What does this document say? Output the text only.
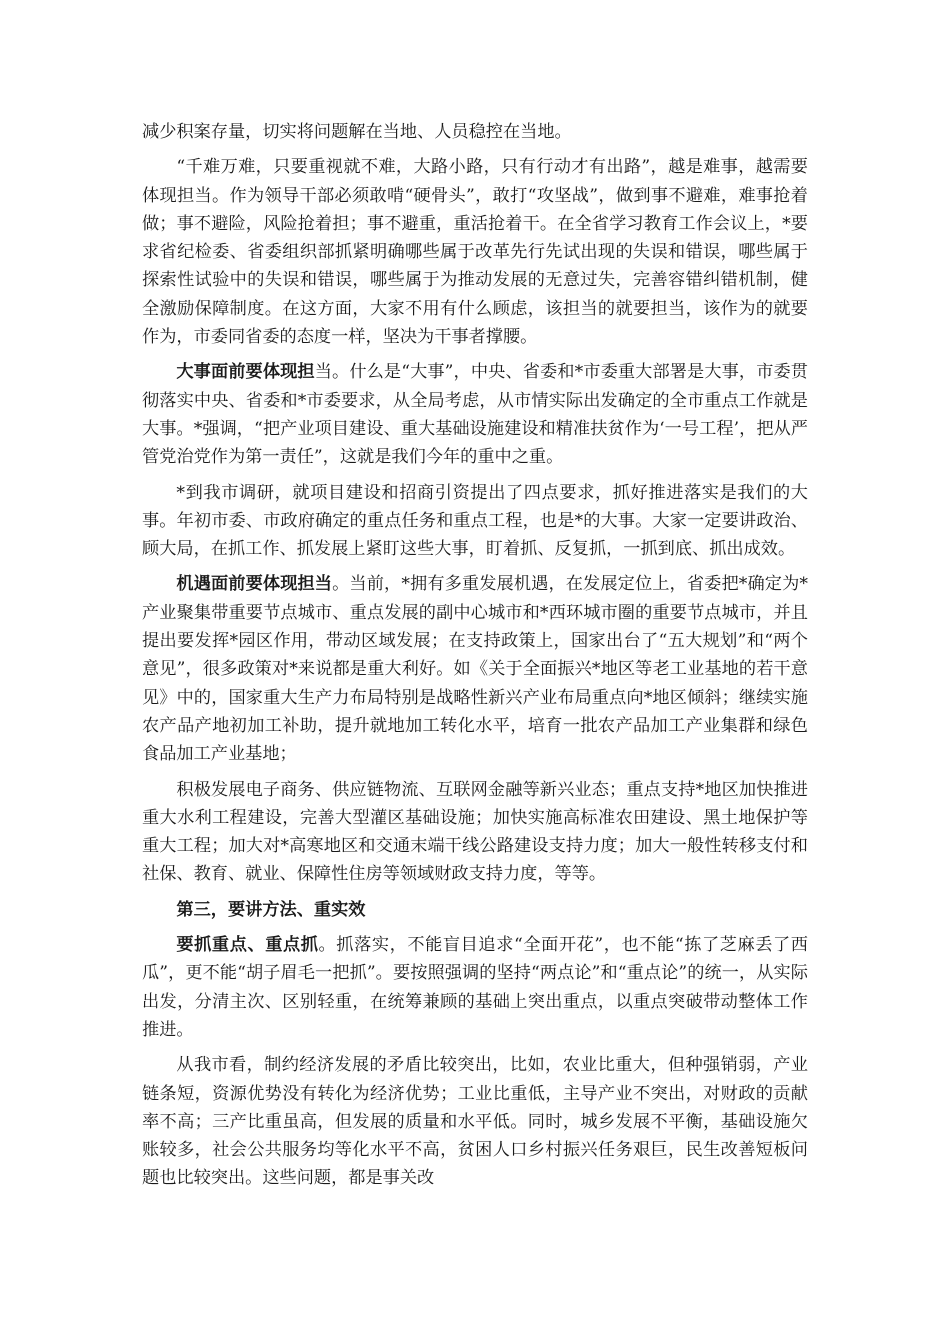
减少积案存量，切实将问题解在当地、人员稳控在当地。

“千难万难，只要重视就不难，大路小路，只有行动才有出路”，越是难事，越需要体现担当。作为领导干部必须敢啃“硬骨头”，敢打“攻坚战”，做到事不避难，难事抢着做；事不避险，风险抢着担；事不避重，重活抢着干。在全省学习教育工作会议上，*要求省纪检委、省委组织部抓紧明确哪些属于改革先行先试出现的失误和错误，哪些属于探索性试验中的失误和错误，哪些属于为推动发展的无意过失，完善容错纠错机制，健全激励保障制度。在这方面，大家不用有什么顾虑，该担当的就要担当，该作为的就要作为，市委同省委的态度一样，坚决为干事者撑腰。

大事面前要体现担当。什么是“大事”，中央、省委和*市委重大部署是大事，市委贯彻落实中央、省委和*市委要求，从全局考虑，从市情实际出发确定的全市重点工作就是大事。*强调，“把产业项目建设、重大基础设施建设和精准扶贫作为‘一号工程’，把从严管党治党作为第一责任”，这就是我们今年的重中之重。

*到我市调研，就项目建设和招商引资提出了四点要求，抓好推进落实是我们的大事。年初市委、市政府确定的重点任务和重点工程，也是*的大事。大家一定要讲政治、顾大局，在抓工作、抓发展上紧盯这些大事，盯着抓、反复抓，一抓到底、抓出成效。

机遇面前要体现担当。当前，*拥有多重发展机遇，在发展定位上，省委把*确定为*产业聚集带重要节点城市、重点发展的副中心城市和*西环城市圈的重要节点城市，并且提出要发挥*园区作用，带动区域发展；在支持政策上，国家出台了“五大规划”和“两个意见”，很多政策对*来说都是重大利好。如《关于全面振兴*地区等老工业基地的若干意见》中的，国家重大生产力布局特别是战略性新兴产业布局重点向*地区倾斜；继续实施农产品产地初加工补助，提升就地加工转化水平，培育一批农产品加工产业集群和绿色食品加工产业基地；

积极发展电子商务、供应链物流、互联网金融等新兴业态；重点支持*地区加快推进重大水利工程建设，完善大型灌区基础设施；加快实施高标准农田建设、黑土地保护等重大工程；加大对*高寒地区和交通末端干线公路建设支持力度；加大一般性转移支付和社保、教育、就业、保障性住房等领域财政支持力度，等等。

第三，要讲方法、重实效

要抓重点、重点抓。抓落实，不能盲目追求“全面开花”，也不能“拣了芝麻丢了西瓜”，更不能“胡子眉毛一把抓”。要按照强调的坚持“两点论”和“重点论”的统一，从实际出发，分清主次、区别轻重，在统筹兼顾的基础上突出重点，以重点突破带动整体工作推进。

从我市看，制约经济发展的矛盾比较突出，比如，农业比重大，但种强销弱，产业链条短，资源优势没有转化为经济优势；工业比重低，主导产业不突出，对财政的贡献率不高；三产比重虽高，但发展的质量和水平低。同时，城乡发展不平衡，基础设施欠账较多，社会公共服务均等化水平不高，贫困人口乡村振兴任务艰巨，民生改善短板问题也比较突出。这些问题，都是事关改
